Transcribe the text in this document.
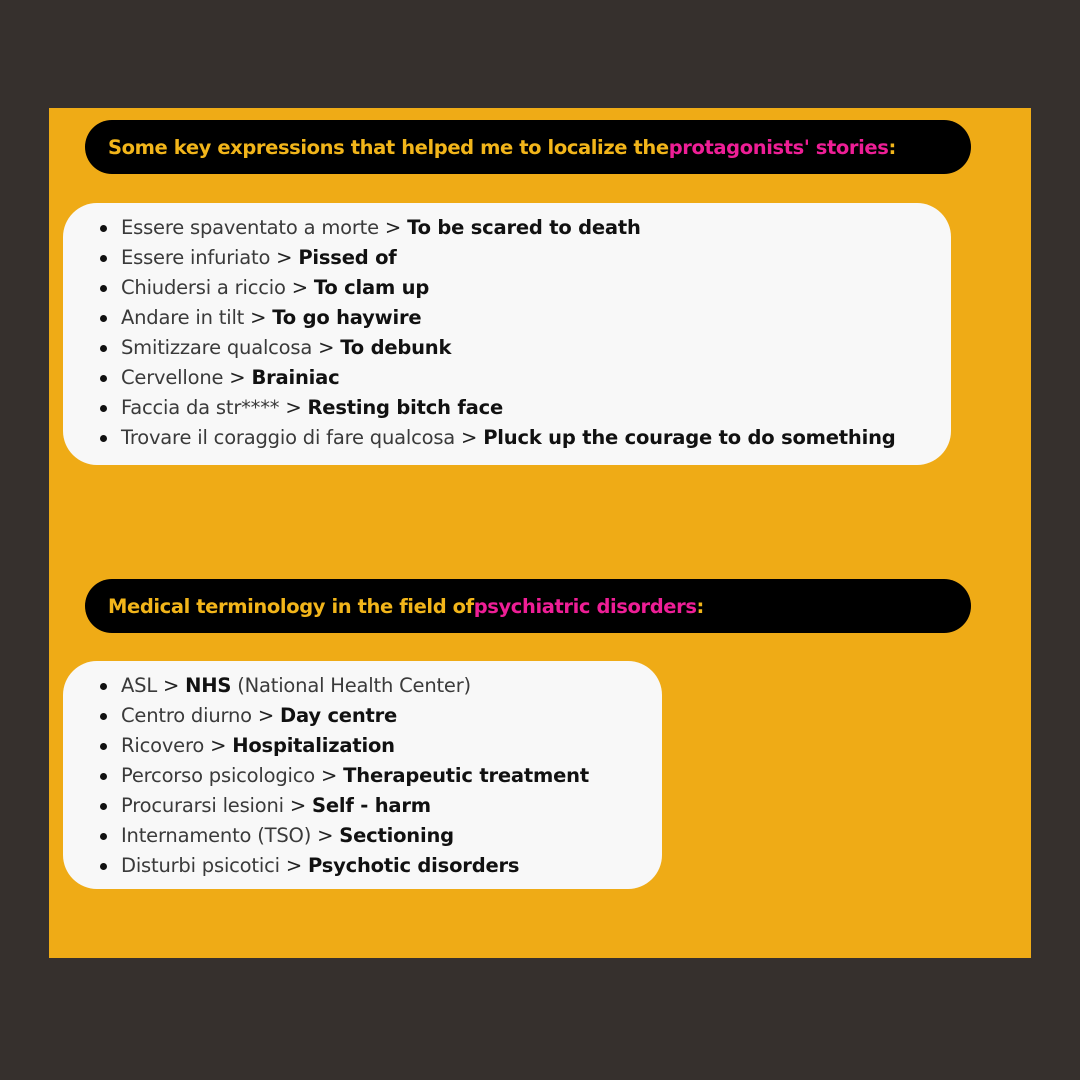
Some key expressions that helped me to localize the protagonists' stories :
Essere spaventato a morte > To be scared to death
Essere infuriato > Pissed of
Chiudersi a riccio > To clam up
Andare in tilt > To go haywire
Smitizzare qualcosa > To debunk
Cervellone > Brainiac
Faccia da str**** > Resting bitch face
Trovare il coraggio di fare qualcosa > Pluck up the courage to do something
Medical terminology in the field of psychiatric disorders :
ASL > NHS (National Health Center)
Centro diurno > Day centre
Ricovero > Hospitalization
Percorso psicologico > Therapeutic treatment
Procurarsi lesioni > Self - harm
Internamento (TSO) > Sectioning
Disturbi psicotici > Psychotic disorders
